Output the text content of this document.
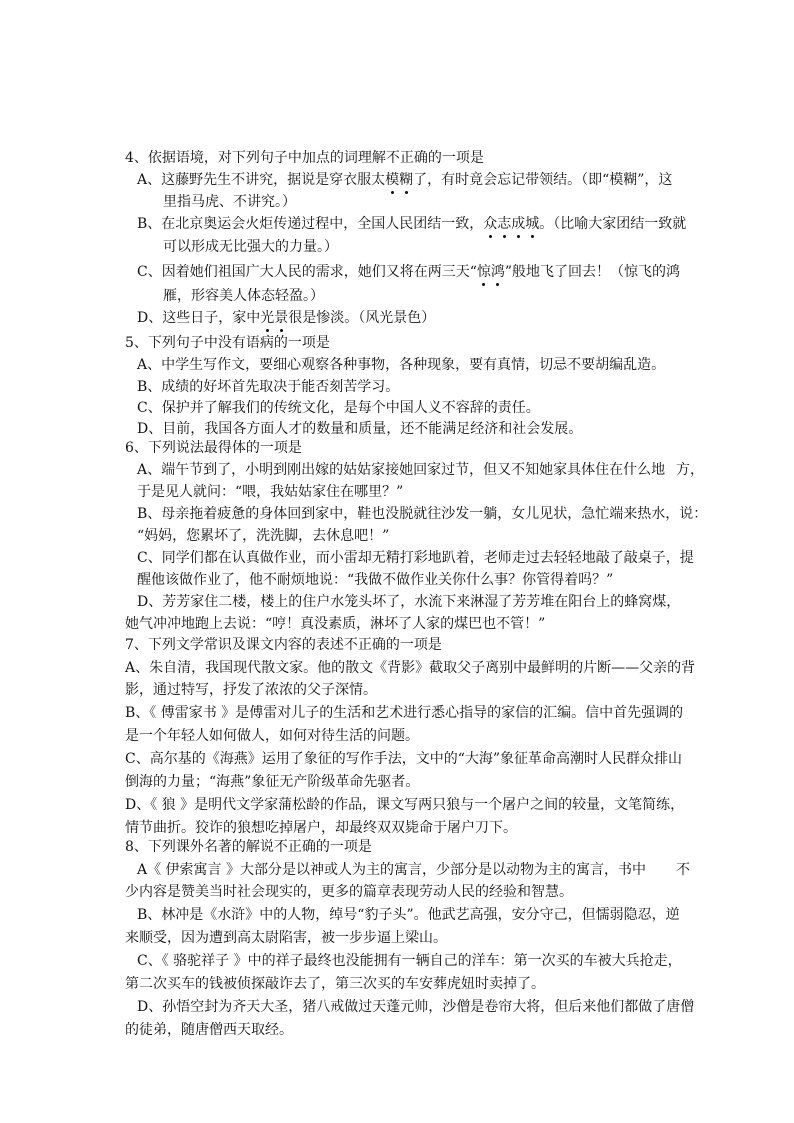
4、依据语境，对下列句子中加点的词理解不正确的一项是
A、这藤野先生不讲究，据说是穿衣服太模糊了，有时竟会忘记带领结。（即“模糊”，这
里指马虎、不讲究。）
B、在北京奥运会火炬传递过程中，全国人民团结一致，众志成城。（比喻大家团结一致就
可以形成无比强大的力量。）
C、因着她们祖国广大人民的需求，她们又将在两三天“惊鸿”般地飞了回去！（惊飞的鸿
雁，形容美人体态轻盈。）
D、这些日子，家中光景很是惨淡。（风光景色）
5、下列句子中没有语病的一项是
A、中学生写作文，要细心观察各种事物，各种现象，要有真情，切忌不要胡编乱造。
B、成绩的好坏首先取决于能否刻苦学习。
C、保护并了解我们的传统文化，是每个中国人义不容辞的责任。
D、目前，我国各方面人才的数量和质量，还不能满足经济和社会发展。
6、下列说法最得体的一项是
A、端午节到了，小明到刚出嫁的姑姑家接她回家过节，但又不知她家具体住在什么地 方，
于是见人就问：“喂，我姑姑家住在哪里？”
B、母亲拖着疲惫的身体回到家中，鞋也没脱就往沙发一躺，女儿见状，急忙端来热水，说：
“妈妈，您累坏了，洗洗脚，去休息吧！”
C、同学们都在认真做作业，而小雷却无精打彩地趴着，老师走过去轻轻地敲了敲桌子，提
醒他该做作业了，他不耐烦地说：“我做不做作业关你什么事？你管得着吗？”
D、芳芳家住二楼，楼上的住户水笼头坏了，水流下来淋湿了芳芳堆在阳台上的蜂窝煤，
她气冲冲地跑上去说：“哼！真没素质，淋坏了人家的煤巴也不管！”
7、下列文学常识及课文内容的表述不正确的一项是
A、朱自清，我国现代散文家。他的散文《背影》截取父子离别中最鲜明的片断——父亲的背
影，通过特写，抒发了浓浓的父子深情。
B、《 傅雷家书 》是傅雷对儿子的生活和艺术进行悉心指导的家信的汇编。信中首先强调的
是一个年轻人如何做人，如何对待生活的问题。
C、高尔基的《海燕》运用了象征的写作手法，文中的“大海”象征革命高潮时人民群众排山
倒海的力量；“海燕”象征无产阶级革命先驱者。
D、《 狼 》是明代文学家蒲松龄的作品，课文写两只狼与一个屠户之间的较量，文笔简练，
情节曲折。狡诈的狼想吃掉屠户，却最终双双毙命于屠户刀下。
8、下列课外名著的解说不正确的一项是
A《 伊索寓言 》大部分是以神或人为主的寓言，少部分是以动物为主的寓言，书中 不
少内容是赞美当时社会现实的，更多的篇章表现劳动人民的经验和智慧。
B、林冲是《水浒》中的人物，绰号“豹子头”。他武艺高强，安分守己，但懦弱隐忍，逆
来顺受，因为遭到高太尉陷害，被一步步逼上梁山。
C、《 骆驼祥子 》中的祥子最终也没能拥有一辆自己的洋车：第一次买的车被大兵抢走，
第二次买车的钱被侦探敲诈去了，第三次买的车安葬虎妞时卖掉了。
D、孙悟空封为齐天大圣，猪八戒做过天蓬元帅，沙僧是卷帘大将，但后来他们都做了唐僧
的徒弟，随唐僧西天取经。
